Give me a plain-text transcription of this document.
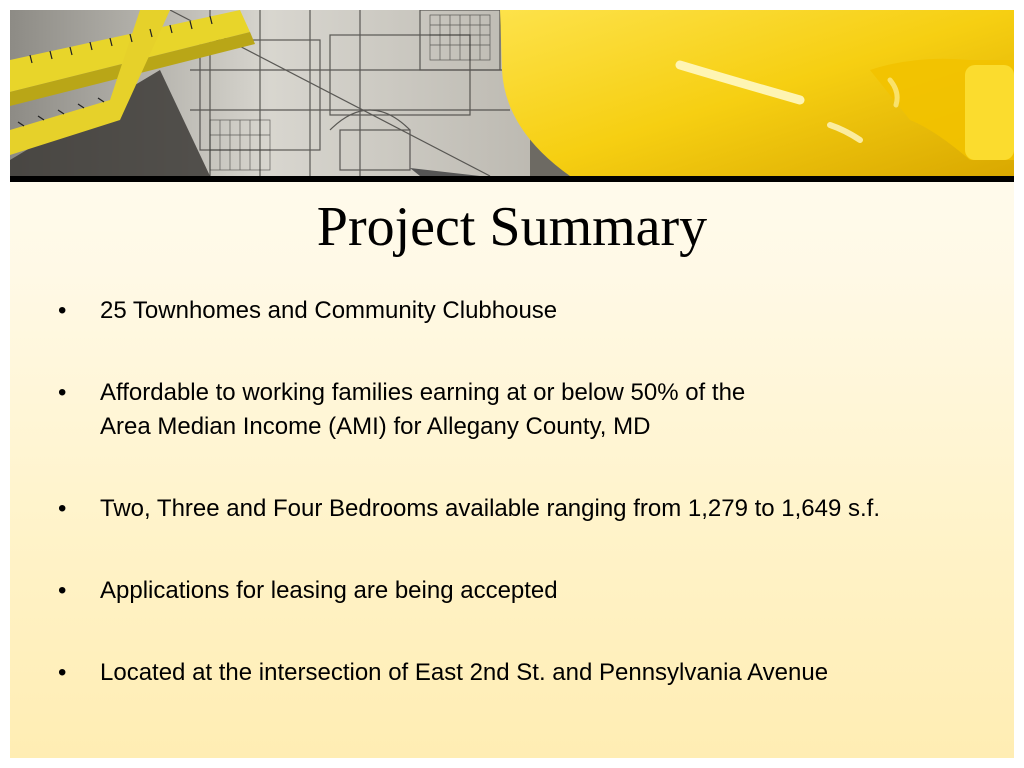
Project Summary
• 25 Townhomes and Community Clubhouse
• Affordable to working families earning at or below 50% of the
Area Median Income (AMI) for Allegany County, MD
• Two, Three and Four Bedrooms available ranging from 1,279 to 1,649 s.f.
• Applications for leasing are being accepted
• Located at the intersection of East 2nd St. and Pennsylvania Avenue
